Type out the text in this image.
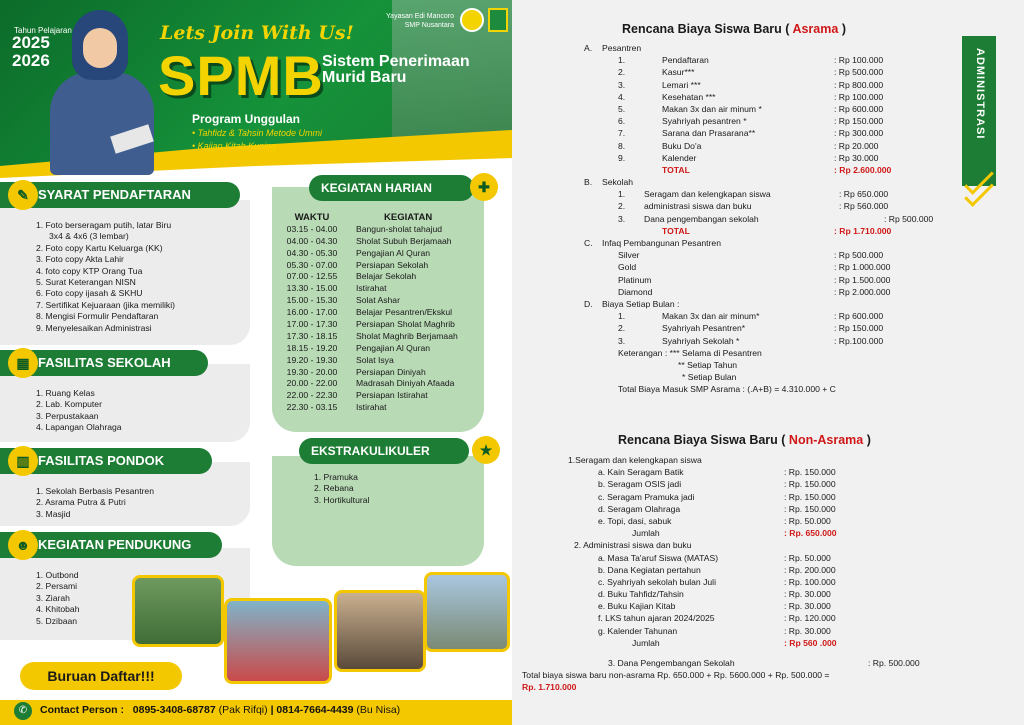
Tahun Pelajaran
2025
2026
Lets Join With Us!
SPMB
Sistem Penerimaan Murid Baru
Yayasan Edi Mancoro
SMP Nusantara
Program Unggulan
• Tahfidz & Tahsin Metode Ummi
• Kajian Kitab Kuning
SYARAT PENDAFTARAN
✎
1. Foto berseragam putih, latar Biru
3x4 & 4x6 (3 lembar)
2. Foto copy Kartu Keluarga (KK)
3. Foto copy Akta Lahir
4. foto copy KTP Orang Tua
5. Surat Keterangan NISN
6. Foto copy ijasah & SKHU
7. Sertifikat Kejuaraan (jika memiliki)
8. Mengisi Formulir Pendaftaran
9. Menyelesaikan Administrasi
FASILITAS SEKOLAH
▦
1. Ruang Kelas
2. Lab. Komputer
3. Perpustakaan
4. Lapangan Olahraga
FASILITAS PONDOK
▥
1. Sekolah Berbasis Pesantren
2. Asrama Putra & Putri
3. Masjid
KEGIATAN PENDUKUNG
☻
1. Outbond
2. Persami
3. Ziarah
4. Khitobah
5. Dzibaan
KEGIATAN HARIAN	✚
WAKTU	KEGIATAN
03.15 - 04.00	Bangun-sholat tahajud
04.00 - 04.30	Sholat Subuh Berjamaah
04.30 - 05.30	Pengajian Al Quran
05.30 - 07.00	Persiapan Sekolah
07.00 - 12.55	Belajar Sekolah
13.30 - 15.00	Istirahat
15.00 - 15.30	Solat Ashar
16.00 - 17.00	Belajar Pesantren/Ekskul
17.00 - 17.30	Persiapan Sholat Maghrib
17.30 - 18.15	Sholat Maghrib Berjamaah
18.15 - 19.20	Pengajian Al Quran
19.20 - 19.30	Solat Isya
19.30 - 20.00	Persiapan Diniyah
20.00 - 22.00	Madrasah Diniyah Afaada
22.00 - 22.30	Persiapan Istirahat
22.30 - 03.15	Istirahat
EKSTRAKULIKULER	★
1. Pramuka
2. Rebana
3. Hortikultural
Buruan Daftar!!!
✆	Contact Person : 0895-3408-68787 (Pak Rifqi) | 0814-7664-4439 (Bu Nisa)
ADMINISTRASI
Rencana Biaya Siswa Baru ( Asrama )
A. Pesantren
1.	Pendaftaran	: Rp 100.000
2.	Kasur***	: Rp 500.000
3.	Lemari ***	: Rp 800.000
4.	Kesehatan ***	: Rp 100.000
5.	Makan 3x dan air minum *	: Rp 600.000
6.	Syahriyah pesantren *	: Rp 150.000
7.	Sarana dan Prasarana**	: Rp 300.000
8.	Buku Do'a	: Rp 20.000
9.	Kalender	: Rp 30.000
TOTAL	: Rp 2.600.000
B. Sekolah
1. Seragam dan kelengkapan siswa	: Rp 650.000
2. administrasi siswa dan buku	: Rp 560.000
3. Dana pengembangan sekolah	: Rp 500.000
TOTAL	: Rp 1.710.000
C. Infaq Pembangunan Pesantren
Silver	: Rp 500.000
Gold	: Rp 1.000.000
Platinum	: Rp 1.500.000
Diamond	: Rp 2.000.000
D. Biaya Setiap Bulan :
1.	Makan 3x dan air minum*	: Rp 600.000
2.	Syahriyah Pesantren*	: Rp 150.000
3.	Syahriyah Sekolah *	: Rp.100.000
Keterangan : *** Selama di Pesantren
** Setiap Tahun
* Setiap Bulan
Total Biaya Masuk SMP Asrama : (.A+B) = 4.310.000 + C
Rencana Biaya Siswa Baru ( Non-Asrama )
1.Seragam dan kelengkapan siswa
a. Kain Seragam Batik	: Rp. 150.000
b. Seragam OSIS jadi	: Rp. 150.000
c. Seragam Pramuka jadi	: Rp. 150.000
d. Seragam Olahraga	: Rp. 150.000
e. Topi, dasi, sabuk	: Rp. 50.000
Jumlah	: Rp. 650.000
2. Administrasi siswa dan buku
a. Masa Ta'aruf Siswa (MATAS)	: Rp. 50.000
b. Dana Kegiatan pertahun	: Rp. 200.000
c. Syahriyah sekolah bulan Juli	: Rp. 100.000
d. Buku Tahfidz/Tahsin	: Rp. 30.000
e. Buku Kajian Kitab	: Rp. 30.000
f. LKS tahun ajaran 2024/2025	: Rp. 120.000
g. Kalender Tahunan	: Rp. 30.000
Jumlah	: Rp 560 .000
3. Dana Pengembangan Sekolah	: Rp. 500.000
Total biaya siswa baru non-asrama Rp. 650.000 + Rp. 5600.000 + Rp. 500.000 =
Rp. 1.710.000
